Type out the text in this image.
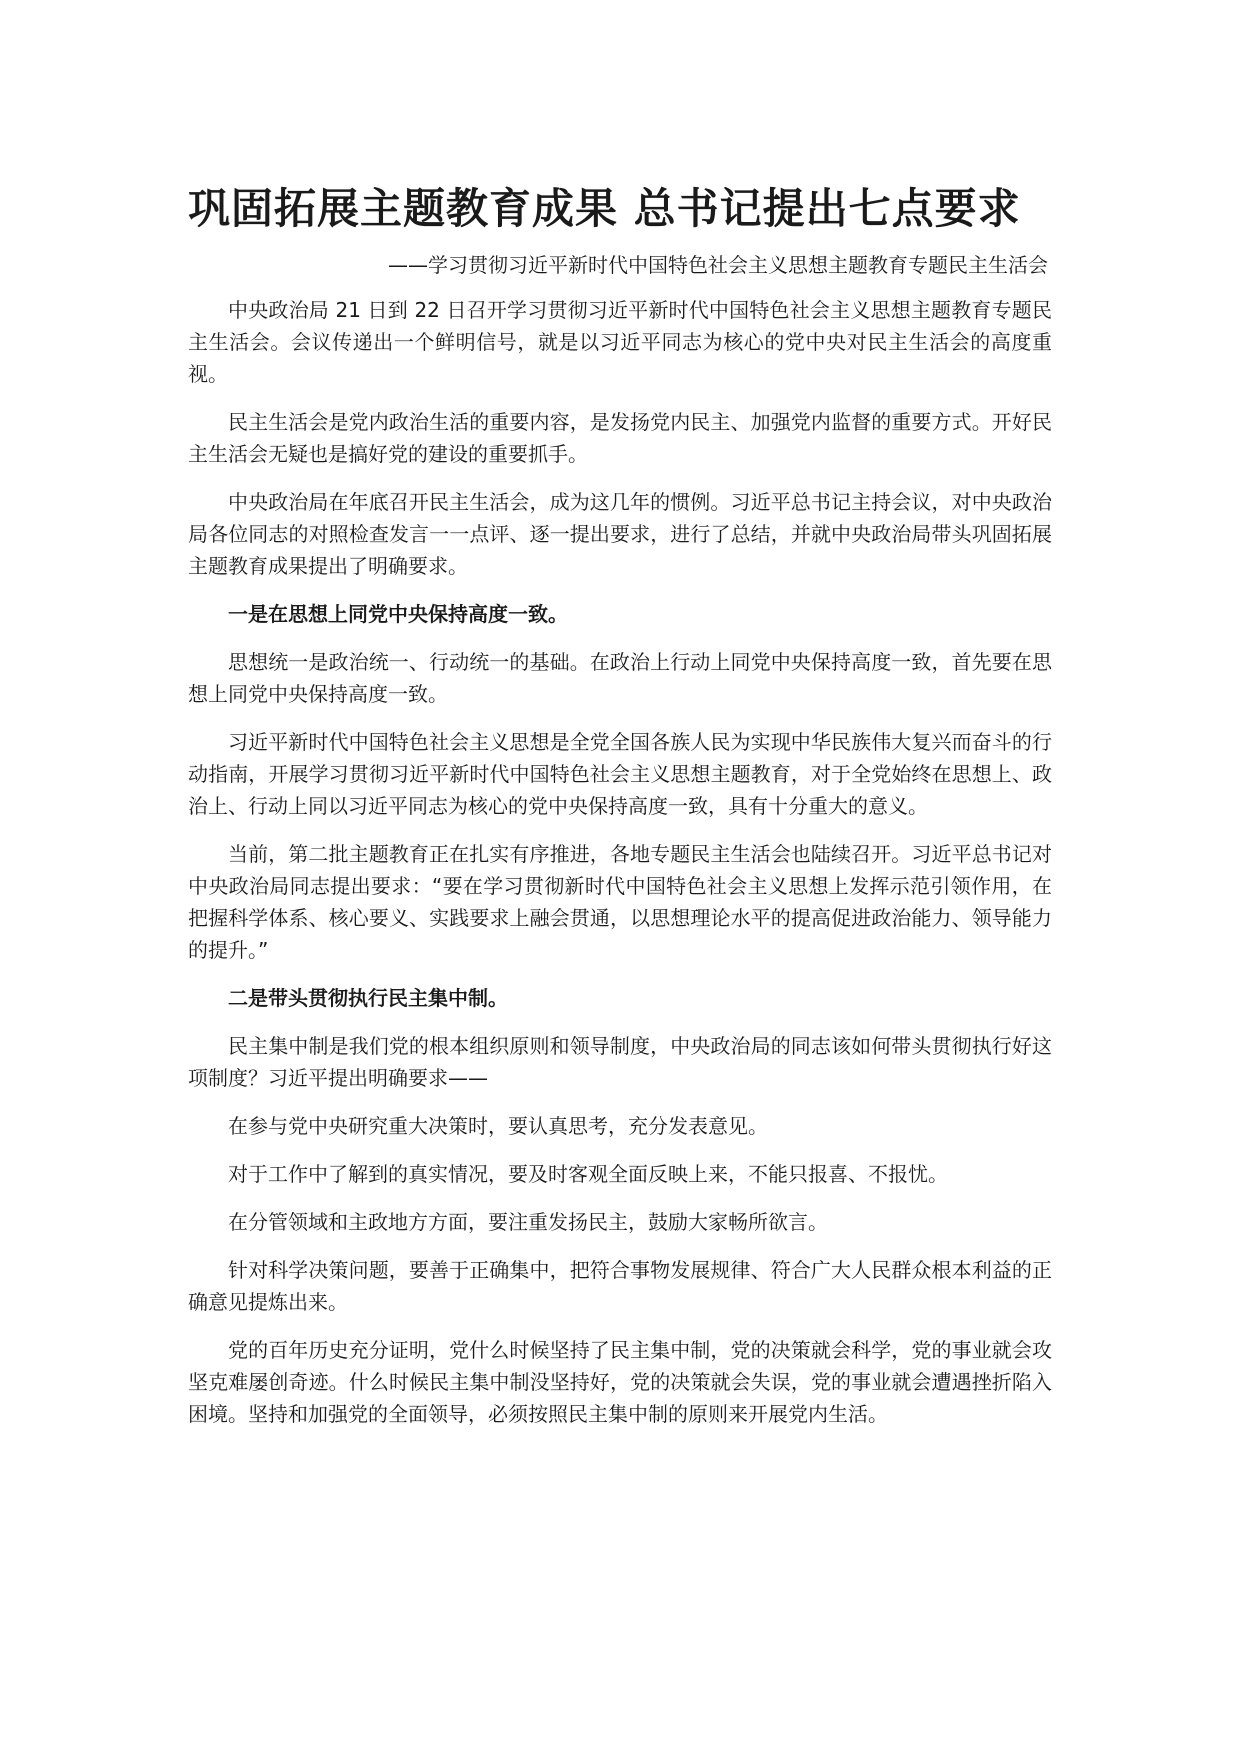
巩固拓展主题教育成果 总书记提出七点要求
——学习贯彻习近平新时代中国特色社会主义思想主题教育专题民主生活会

中央政治局 21 日到 22 日召开学习贯彻习近平新时代中国特色社会主义思想主题教育专题民主生活会。会议传递出一个鲜明信号，就是以习近平同志为核心的党中央对民主生活会的高度重视。

民主生活会是党内政治生活的重要内容，是发扬党内民主、加强党内监督的重要方式。开好民主生活会无疑也是搞好党的建设的重要抓手。

中央政治局在年底召开民主生活会，成为这几年的惯例。习近平总书记主持会议，对中央政治局各位同志的对照检查发言一一点评、逐一提出要求，进行了总结，并就中央政治局带头巩固拓展主题教育成果提出了明确要求。

一是在思想上同党中央保持高度一致。

思想统一是政治统一、行动统一的基础。在政治上行动上同党中央保持高度一致，首先要在思想上同党中央保持高度一致。

习近平新时代中国特色社会主义思想是全党全国各族人民为实现中华民族伟大复兴而奋斗的行动指南，开展学习贯彻习近平新时代中国特色社会主义思想主题教育，对于全党始终在思想上、政治上、行动上同以习近平同志为核心的党中央保持高度一致，具有十分重大的意义。

当前，第二批主题教育正在扎实有序推进，各地专题民主生活会也陆续召开。习近平总书记对中央政治局同志提出要求：“要在学习贯彻新时代中国特色社会主义思想上发挥示范引领作用，在把握科学体系、核心要义、实践要求上融会贯通，以思想理论水平的提高促进政治能力、领导能力的提升。”

二是带头贯彻执行民主集中制。

民主集中制是我们党的根本组织原则和领导制度，中央政治局的同志该如何带头贯彻执行好这项制度？习近平提出明确要求——

在参与党中央研究重大决策时，要认真思考，充分发表意见。

对于工作中了解到的真实情况，要及时客观全面反映上来，不能只报喜、不报忧。

在分管领域和主政地方方面，要注重发扬民主，鼓励大家畅所欲言。

针对科学决策问题，要善于正确集中，把符合事物发展规律、符合广大人民群众根本利益的正确意见提炼出来。

党的百年历史充分证明，党什么时候坚持了民主集中制，党的决策就会科学，党的事业就会攻坚克难屡创奇迹。什么时候民主集中制没坚持好，党的决策就会失误，党的事业就会遭遇挫折陷入困境。坚持和加强党的全面领导，必须按照民主集中制的原则来开展党内生活。
